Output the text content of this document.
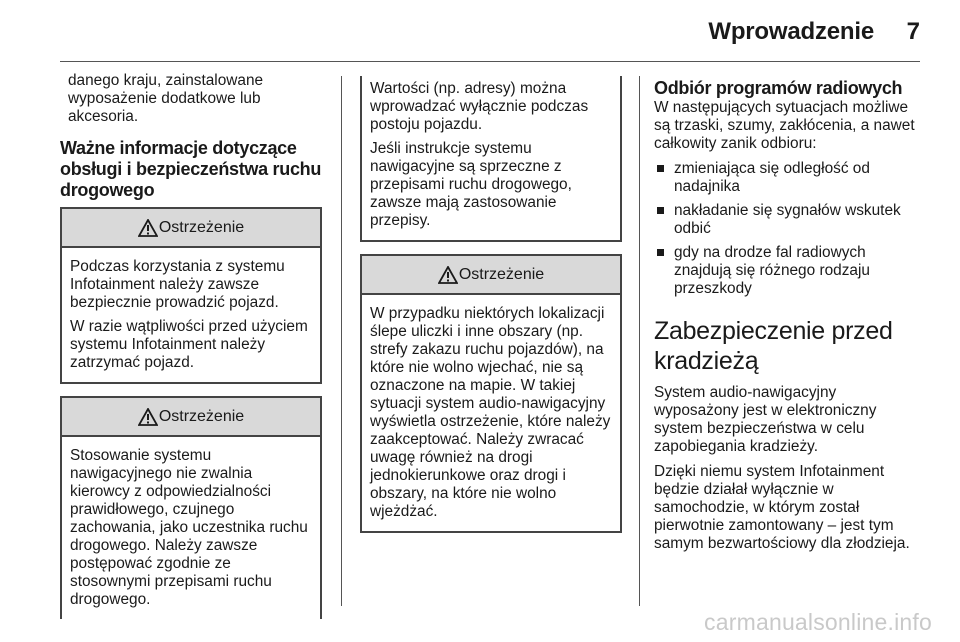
Wprowadzenie 7
danego kraju, zainstalowane
wyposażenie dodatkowe lub
akcesoria.
Ważne informacje dotyczące obsługi i bezpieczeństwa ruchu drogowego
Ostrzeżenie

Podczas korzystania z systemu Infotainment należy zawsze bezpiecznie prowadzić pojazd.

W razie wątpliwości przed użyciem systemu Infotainment należy zatrzymać pojazd.

Ostrzeżenie

Stosowanie systemu nawigacyjnego nie zwalnia kierowcy z odpowiedzialności prawidłowego, czujnego zachowania, jako uczestnika ruchu drogowego. Należy zawsze postępować zgodnie ze stosownymi przepisami ruchu drogowego.

Wartości (np. adresy) można wprowadzać wyłącznie podczas postoju pojazdu.

Jeśli instrukcje systemu nawigacyjne są sprzeczne z przepisami ruchu drogowego, zawsze mają zastosowanie przepisy.

Ostrzeżenie

W przypadku niektórych lokalizacji ślepe uliczki i inne obszary (np. strefy zakazu ruchu pojazdów), na które nie wolno wjechać, nie są oznaczone na mapie. W takiej sytuacji system audio-nawigacyjny wyświetla ostrzeżenie, które należy zaakceptować. Należy zwracać uwagę również na drogi jednokierunkowe oraz drogi i obszary, na które nie wolno wjeżdżać.

Odbiór programów radiowych

W następujących sytuacjach możliwe są trzaski, szumy, zakłócenia, a nawet całkowity zanik odbioru:

zmieniająca się odległość od nadajnika
nakładanie się sygnałów wskutek odbić
gdy na drodze fal radiowych znajdują się różnego rodzaju przeszkody
Zabezpieczenie przed kradzieżą

System audio-nawigacyjny wyposażony jest w elektroniczny system bezpieczeństwa w celu zapobiegania kradzieży.

Dzięki niemu system Infotainment będzie działał wyłącznie w samochodzie, w którym został pierwotnie zamontowany – jest tym samym bezwartościowy dla złodzieja.

carmanualsonline.info
